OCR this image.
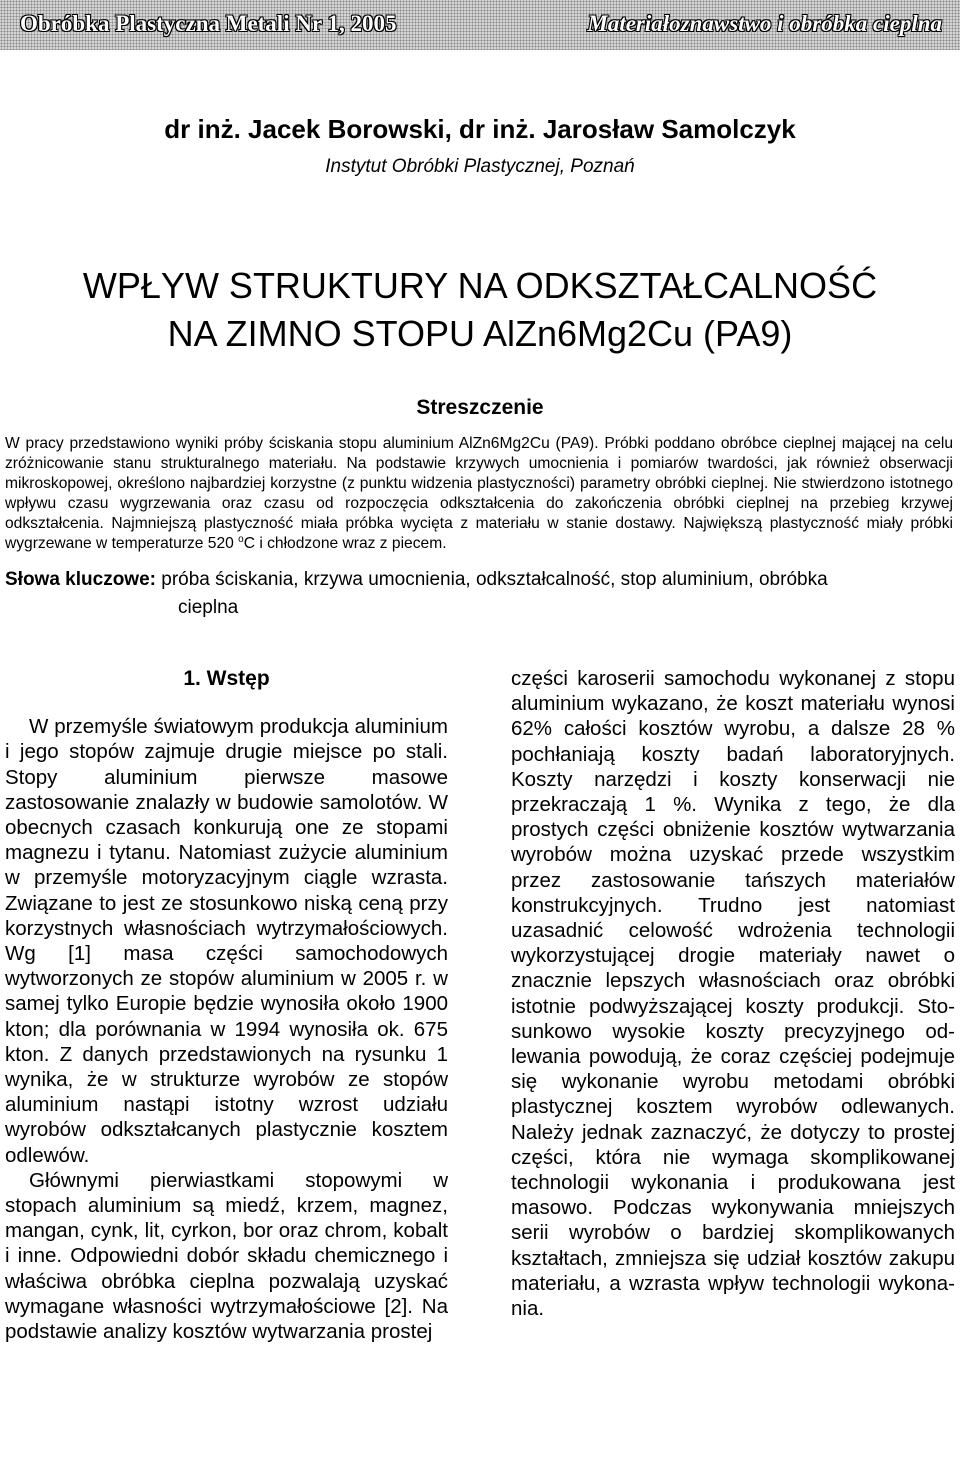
Obróbka Plastyczna Metali Nr 1, 2005	Materiałoznawstwo i obróbka cieplna
dr inż. Jacek Borowski, dr inż. Jarosław Samolczyk
Instytut Obróbki Plastycznej, Poznań
WPŁYW STRUKTURY NA ODKSZTAŁCALNOŚĆ
NA ZIMNO STOPU AlZn6Mg2Cu (PA9)
Streszczenie
W pracy przedstawiono wyniki próby ściskania stopu aluminium AlZn6Mg2Cu (PA9). Próbki poddano obróbce cieplnej mającej na celu zróżnicowanie stanu strukturalnego materiału. Na podstawie krzywych umocnienia i pomiarów twardości, jak również obserwacji mikroskopowej, określono najbardziej korzystne (z punktu widzenia plastyczności) parametry obróbki cieplnej. Nie stwierdzono istotnego wpływu czasu wygrzewania oraz czasu od rozpoczęcia odkształcenia do zakończenia obróbki cieplnej na przebieg krzywej odkształcenia. Najmniejszą plastyczność miała próbka wycięta z materiału w stanie dostawy. Największą plastyczność miały próbki wygrzewane w temperaturze 520 $^o$C i chłodzone wraz z piecem.
Słowa kluczowe: próba ściskania, krzywa umocnienia, odkształcalność, stop aluminium, obróbka
cieplna
1. Wstęp

W przemyśle światowym produkcja aluminium i jego stopów zajmuje drugie miejsce po stali. Stopy aluminium pierwsze masowe zastosowanie znalazły w budowie samolotów. W obecnych czasach konkurują one ze stopami magnezu i tytanu. Natomiast zużycie aluminium w przemyśle motoryzacyjnym ciągle wzrasta. Związane to jest ze stosunkowo niską ceną przy korzystnych własnościach wytrzymałościowych. Wg [1] masa części samochodowych wytworzonych ze stopów aluminium w 2005 r. w samej tylko Europie będzie wynosiła około 1900 kton; dla porównania w 1994 wynosiła ok. 675 kton. Z danych przedstawionych na rysunku 1 wynika, że w strukturze wyrobów ze stopów aluminium nastąpi istotny wzrost udziału wyrobów odkształcanych plastycznie kosztem odlewów.

Głównymi pierwiastkami stopowymi w stopach aluminium są miedź, krzem, magnez, mangan, cynk, lit, cyrkon, bor oraz chrom, kobalt i inne. Odpowiedni dobór składu chemicznego i właściwa obróbka cieplna pozwalają uzyskać wymagane własności wytrzymałościowe [2]. Na podstawie analizy kosztów wytwarzania prostej

części karoserii samochodu wykonanej z stopu aluminium wykazano, że koszt materiału wynosi 62% całości kosztów wyrobu, a dalsze 28 % pochłaniają koszty badań laboratoryjnych. Koszty narzędzi i koszty konserwacji nie przekraczają 1 %. Wynika z tego, że dla prostych części obniżenie kosztów wytwarzania wyrobów można uzyskać przede wszystkim przez zastosowanie tańszych materiałów konstrukcyjnych. Trudno jest natomiast uzasadnić celowość wdrożenia technologii wykorzystującej drogie materiały nawet o znacznie lepszych własnościach oraz obróbki istotnie podwyższającej koszty produkcji. Stosunkowo wysokie koszty precyzyjnego odlewania powodują, że coraz częściej podejmuje się wykonanie wyrobu metodami obróbki plastycznej kosztem wyrobów odlewanych. Należy jednak zaznaczyć, że dotyczy to prostej części, która nie wymaga skomplikowanej technologii wykonania i produkowana jest masowo. Podczas wykonywania mniejszych serii wyrobów o bardziej skomplikowanych kształtach, zmniejsza się udział kosztów zakupu materiału, a wzrasta wpływ technologii wykonania.
